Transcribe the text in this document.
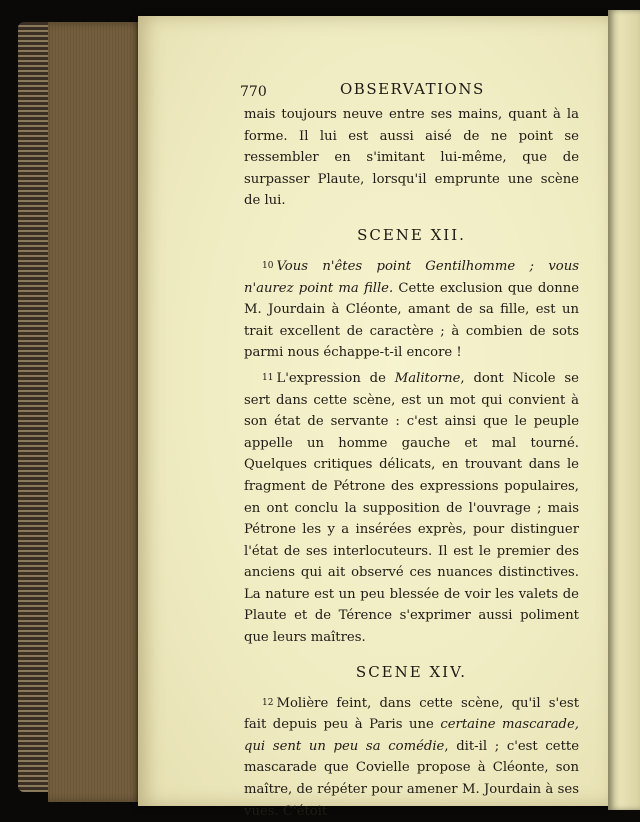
770	OBSERVATIONS

mais toujours neuve entre ses mains, quant à la forme. Il lui est aussi aisé de ne point se ressembler en s'imitant lui-même, que de surpasser Plaute, lorsqu'il emprunte une scène de lui.

SCENE XII.

10 Vous n'êtes point Gentilhomme ; vous n'aurez point ma fille. Cette exclusion que donne M. Jourdain à Cléonte, amant de sa fille, est un trait excellent de caractère ; à combien de sots parmi nous échappe-t-il encore !

11 L'expression de Malitorne, dont Nicole se sert dans cette scène, est un mot qui convient à son état de servante : c'est ainsi que le peuple appelle un homme gauche et mal tourné. Quelques critiques délicats, en trouvant dans le fragment de Pétrone des expressions populaires, en ont conclu la supposition de l'ouvrage ; mais Pétrone les y a insérées exprès, pour distinguer l'état de ses interlocuteurs. Il est le premier des anciens qui ait observé ces nuances distinctives. La nature est un peu blessée de voir les valets de Plaute et de Térence s'exprimer aussi poliment que leurs maîtres.

SCENE XIV.

12 Molière feint, dans cette scène, qu'il s'est fait depuis peu à Paris une certaine mascarade, qui sent un peu sa comédie, dit-il ; c'est cette mascarade que Covielle propose à Cléonte, son maître, de répéter pour amener M. Jourdain à ses vues. C'étoit
